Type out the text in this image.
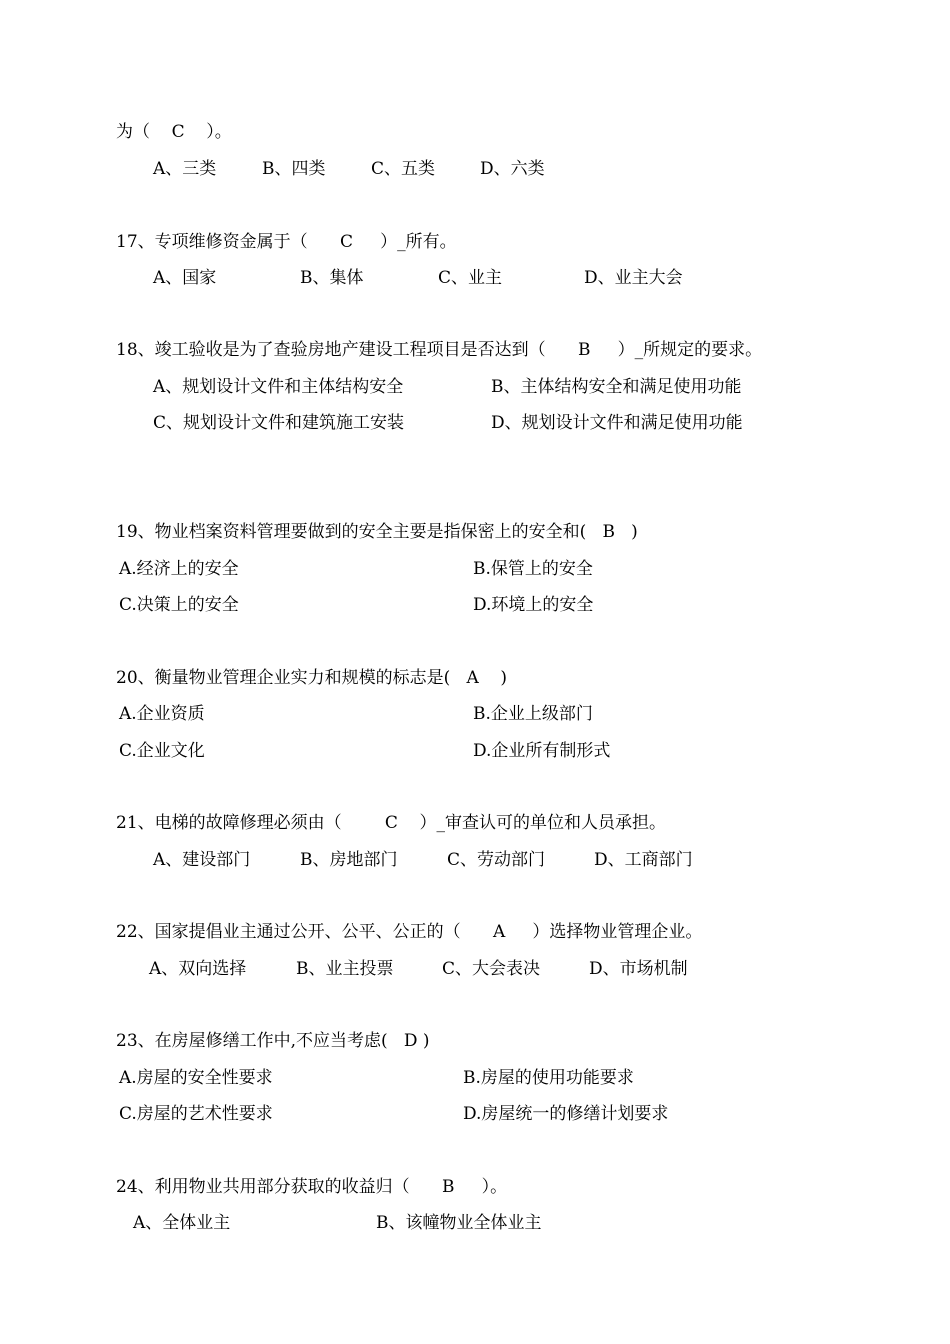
为（    C    ）。
A、三类	B、四类	C、五类	D、六类
17、专项维修资金属于（      C     ）_所有。
A、国家	B、集体	C、业主	D、业主大会
18、竣工验收是为了查验房地产建设工程项目是否达到（      B     ）_所规定的要求。
A、规划设计文件和主体结构安全	B、主体结构安全和满足使用功能
C、规划设计文件和建筑施工安装	D、规划设计文件和满足使用功能
19、物业档案资料管理要做到的安全主要是指保密上的安全和(   B   )
A.经济上的安全	B.保管上的安全
C.决策上的安全	D.环境上的安全
20、衡量物业管理企业实力和规模的标志是(   A    )
A.企业资质	B.企业上级部门
C.企业文化	D.企业所有制形式
21、电梯的故障修理必须由（        C    ）_审查认可的单位和人员承担。
A、建设部门	B、房地部门	C、劳动部门	D、工商部门
22、国家提倡业主通过公开、公平、公正的（      A     ）选择物业管理企业。
A、双向选择	B、业主投票	C、大会表决	D、市场机制
23、在房屋修缮工作中,不应当考虑(   D )
A.房屋的安全性要求	B.房屋的使用功能要求
C.房屋的艺术性要求	D.房屋统一的修缮计划要求
24、利用物业共用部分获取的收益归（      B     ）。
A、全体业主	B、该幢物业全体业主
